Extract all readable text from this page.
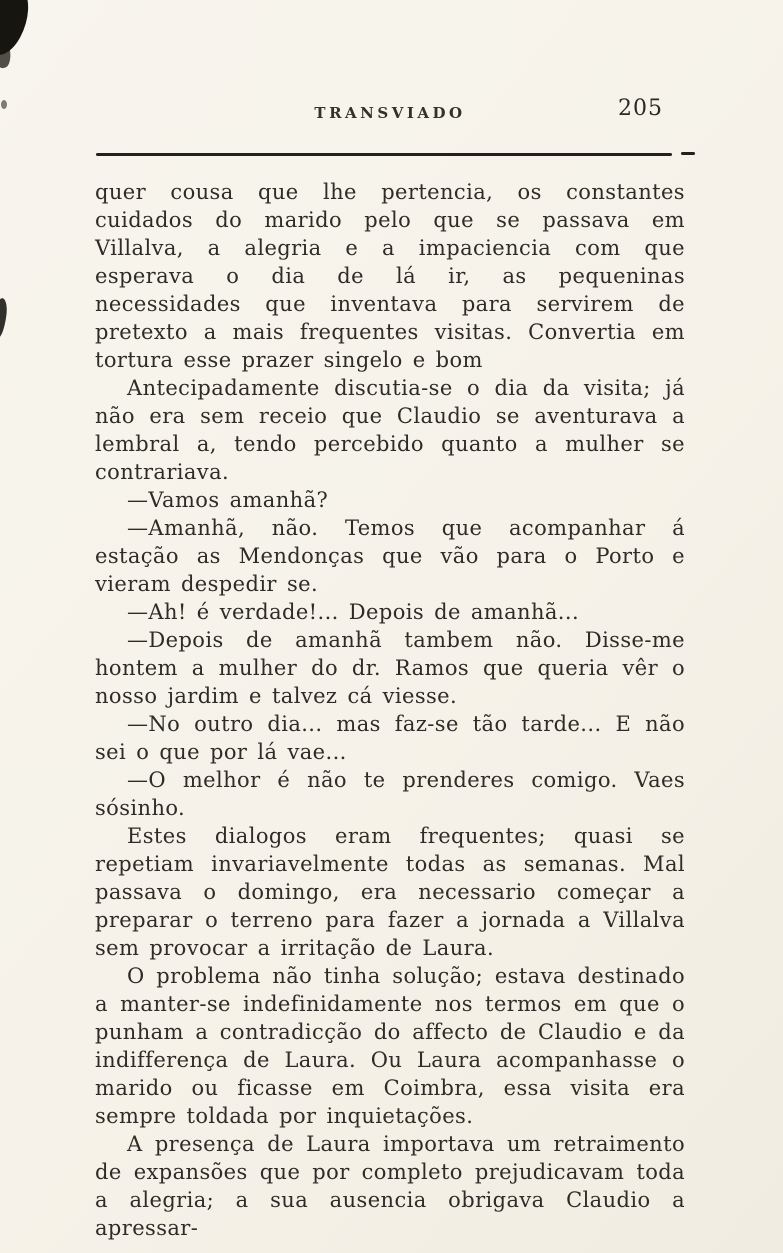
TRANSVIADO	205

quer cousa que lhe pertencia, os constantes cuidados do marido pelo que se passava em Villalva, a alegria e a impaciencia com que esperava o dia de lá ir, as pequeninas necessidades que inventava para servirem de pretexto a mais frequentes visitas. Convertia em tortura esse prazer singelo e bom

Antecipadamente discutia-se o dia da visita; já não era sem receio que Claudio se aventurava a lembral a, tendo percebido quanto a mulher se contrariava.

—Vamos amanhã?

—Amanhã, não. Temos que acompanhar á estação as Mendonças que vão para o Porto e vieram despedir se.

—Ah! é verdade!... Depois de amanhã...

—Depois de amanhã tambem não. Disse-me hontem a mulher do dr. Ramos que queria vêr o nosso jardim e talvez cá viesse.

—No outro dia... mas faz-se tão tarde... E não sei o que por lá vae...

—O melhor é não te prenderes comigo. Vaes sósinho.

Estes dialogos eram frequentes; quasi se repetiam invariavelmente todas as semanas. Mal passava o domingo, era necessario começar a preparar o terreno para fazer a jornada a Villalva sem provocar a irritação de Laura.

O problema não tinha solução; estava destinado a manter-se indefinidamente nos termos em que o punham a contradicção do affecto de Claudio e da indifferença de Laura. Ou Laura acompanhasse o marido ou ficasse em Coimbra, essa visita era sempre toldada por inquietações.

A presença de Laura importava um retraimento de expansões que por completo prejudicavam toda a alegria; a sua ausencia obrigava Claudio a apressar-
